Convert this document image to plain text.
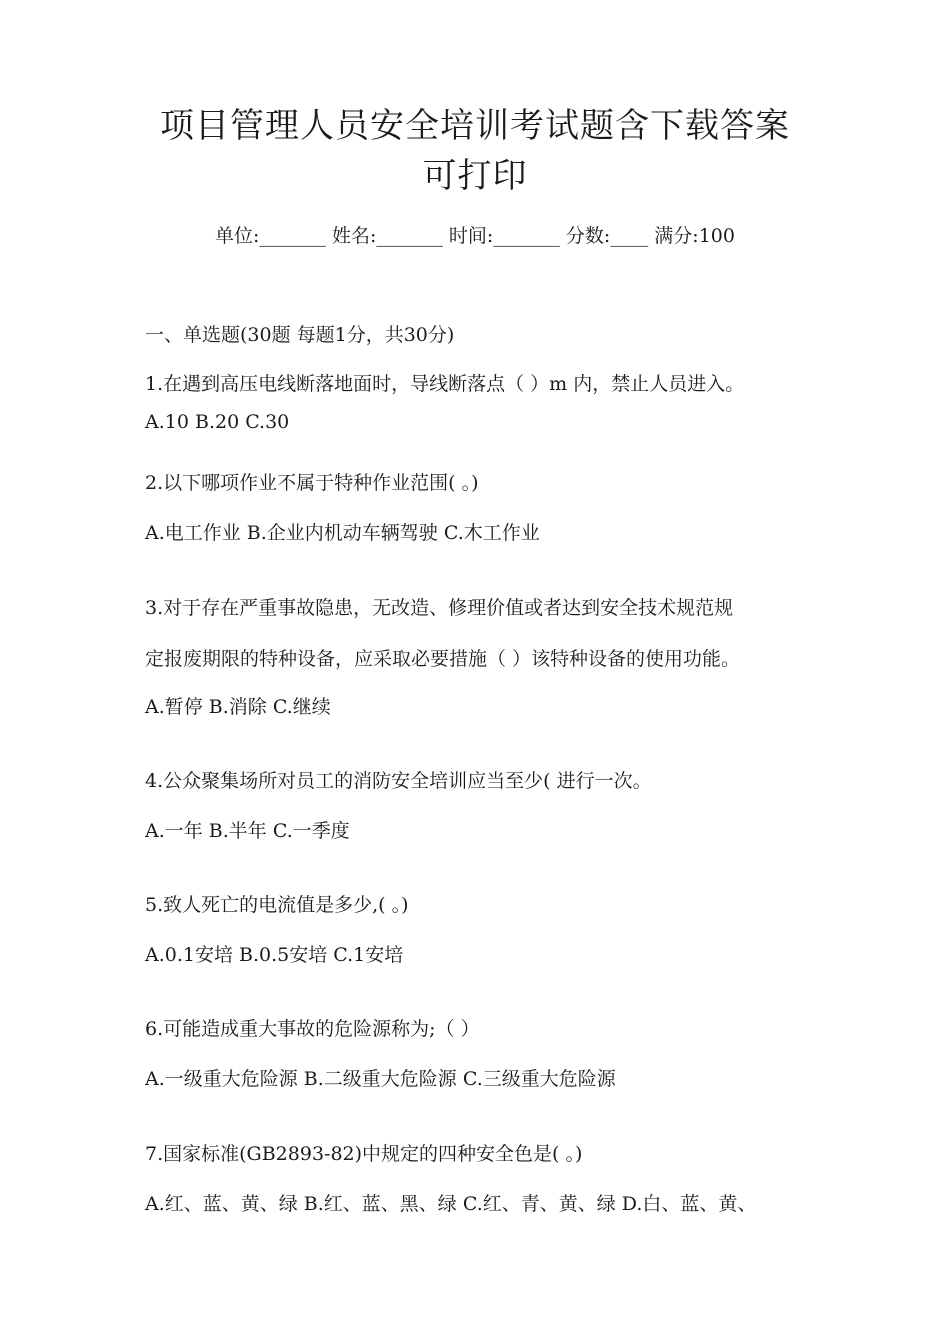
项目管理人员安全培训考试题含下载答案
可打印
单位:_______ 姓名:_______ 时间:_______ 分数:____ 满分:100
一、单选题(30题 每题1分，共30分)
1.在遇到高压电线断落地面时，导线断落点（ ）m 内，禁止人员进入。
A.10 B.20 C.30
2.以下哪项作业不属于特种作业范围( 。)
A.电工作业 B.企业内机动车辆驾驶 C.木工作业
3.对于存在严重事故隐患，无改造、修理价值或者达到安全技术规范规
定报废期限的特种设备，应采取必要措施（ ）该特种设备的使用功能。
A.暂停 B.消除 C.继续
4.公众聚集场所对员工的消防安全培训应当至少( 进行一次。
A.一年 B.半年 C.一季度
5.致人死亡的电流值是多少,( 。)
A.0.1安培 B.0.5安培 C.1安培
6.可能造成重大事故的危险源称为;（ ）
A.一级重大危险源 B.二级重大危险源 C.三级重大危险源
7.国家标准(GB2893-82)中规定的四种安全色是( 。)
A.红、蓝、黄、绿 B.红、蓝、黑、绿 C.红、青、黄、绿 D.白、蓝、黄、
